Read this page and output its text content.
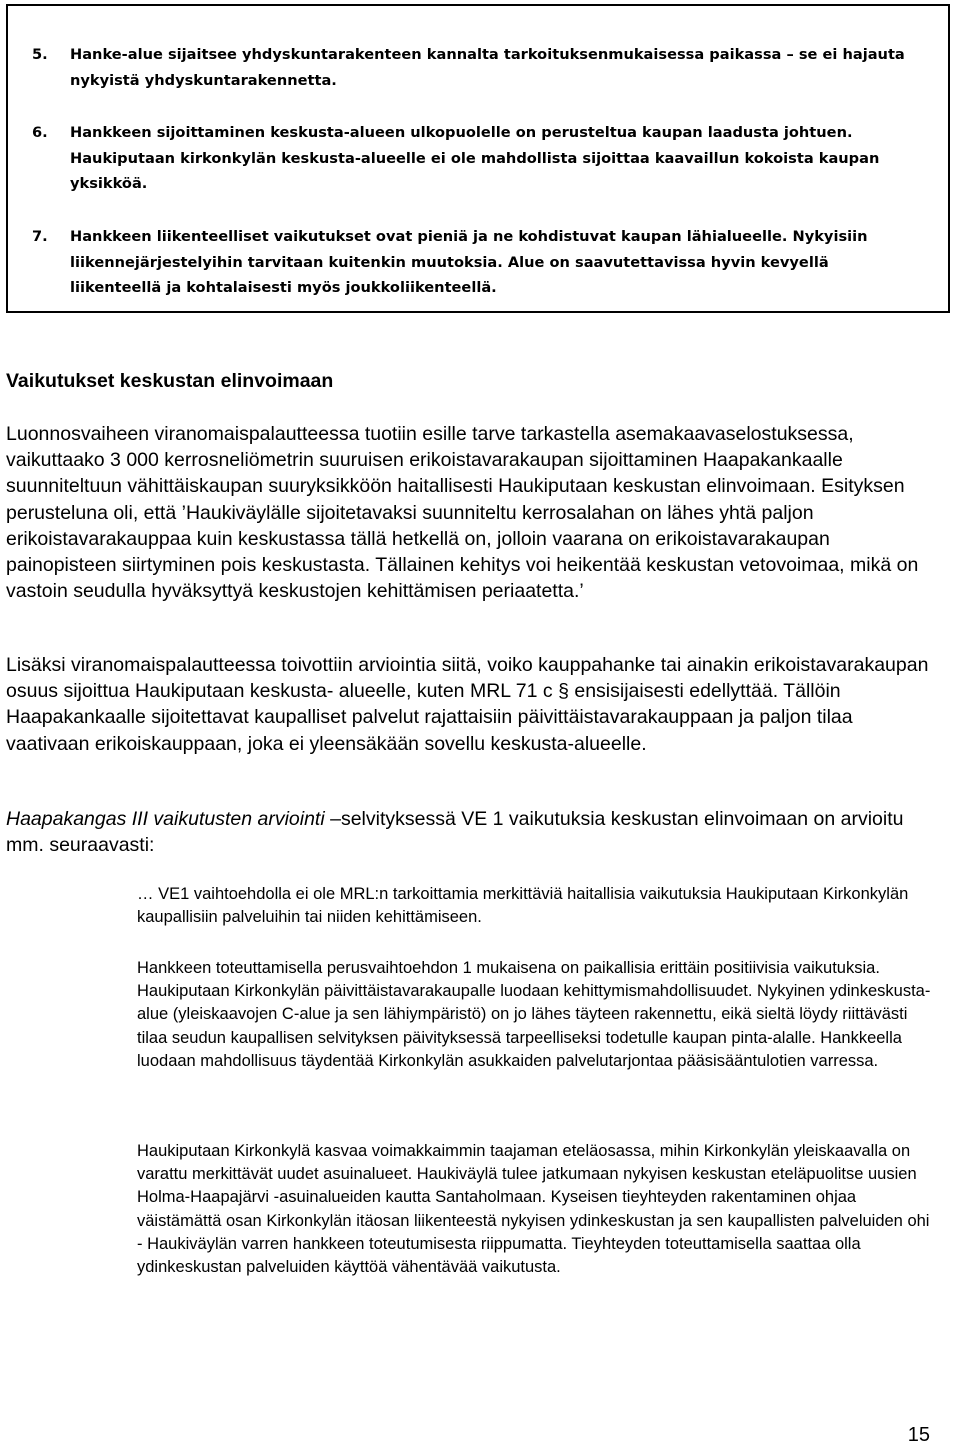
5. Hanke-alue sijaitsee yhdyskuntarakenteen kannalta tarkoituksenmukaisessa paikassa – se ei hajauta nykyistä yhdyskuntarakennetta.
6. Hankkeen sijoittaminen keskusta-alueen ulkopuolelle on perusteltua kaupan laadusta johtuen. Haukiputaan kirkonkylän keskusta-alueelle ei ole mahdollista sijoittaa kaavaillun kokoista kaupan yksikköä.
7. Hankkeen liikenteelliset vaikutukset ovat pieniä ja ne kohdistuvat kaupan lähialueelle. Nykyisiin liikennejärjestelyihin tarvitaan kuitenkin muutoksia. Alue on saavutettavissa hyvin kevyellä liikenteellä ja kohtalaisesti myös joukkoliikenteellä.
Vaikutukset keskustan elinvoimaan

Luonnosvaiheen viranomaispalautteessa tuotiin esille tarve tarkastella asemakaavaselostuksessa, vaikuttaako 3 000 kerrosneliömetrin suuruisen erikoistavarakaupan sijoittaminen Haapakankaalle suunniteltuun vähittäiskaupan suuryksikköön haitallisesti Haukiputaan keskustan elinvoimaan. Esityksen perusteluna oli, että ’Haukiväylälle sijoitetavaksi suunniteltu kerrosalahan on lähes yhtä paljon erikoistavarakauppaa kuin keskustassa tällä hetkellä on, jolloin vaarana on erikoistavarakaupan painopisteen siirtyminen pois keskustasta. Tällainen kehitys voi heikentää keskustan vetovoimaa, mikä on vastoin seudulla hyväksyttyä keskustojen kehittämisen periaatetta.’

Lisäksi viranomaispalautteessa toivottiin arviointia siitä, voiko kauppahanke tai ainakin erikoistavarakaupan osuus sijoittua Haukiputaan keskusta- alueelle, kuten MRL 71 c § ensisijaisesti edellyttää. Tällöin Haapakankaalle sijoitettavat kaupalliset palvelut rajattaisiin päivittäistavarakauppaan ja paljon tilaa vaativaan erikoiskauppaan, joka ei yleensäkään sovellu keskusta-alueelle.

Haapakangas III vaikutusten arviointi –selvityksessä VE 1 vaikutuksia keskustan elinvoimaan on arvioitu mm. seuraavasti:

… VE1 vaihtoehdolla ei ole MRL:n tarkoittamia merkittäviä haitallisia vaikutuksia Haukiputaan Kirkonkylän kaupallisiin palveluihin tai niiden kehittämiseen.

Hankkeen toteuttamisella perusvaihtoehdon 1 mukaisena on paikallisia erittäin positiivisia vaikutuksia. Haukiputaan Kirkonkylän päivittäistavarakaupalle luodaan kehittymismahdollisuudet. Nykyinen ydinkeskusta-alue (yleiskaavojen C-alue ja sen lähiympäristö) on jo lähes täyteen rakennettu, eikä sieltä löydy riittävästi tilaa seudun kaupallisen selvityksen päivityksessä tarpeelliseksi todetulle kaupan pinta-alalle. Hankkeella luodaan mahdollisuus täydentää Kirkonkylän asukkaiden palvelutarjontaa pääsisääntulotien varressa.

Haukiputaan Kirkonkylä kasvaa voimakkaimmin taajaman eteläosassa, mihin Kirkonkylän yleiskaavalla on varattu merkittävät uudet asuinalueet. Haukiväylä tulee jatkumaan nykyisen keskustan eteläpuolitse uusien Holma-Haapajärvi -asuinalueiden kautta Santaholmaan. Kyseisen tieyhteyden rakentaminen ohjaa väistämättä osan Kirkonkylän itäosan liikenteestä nykyisen ydinkeskustan ja sen kaupallisten palveluiden ohi - Haukiväylän varren hankkeen toteutumisesta riippumatta. Tieyhteyden toteuttamisella saattaa olla ydinkeskustan palveluiden käyttöä vähentävää vaikutusta.

15
